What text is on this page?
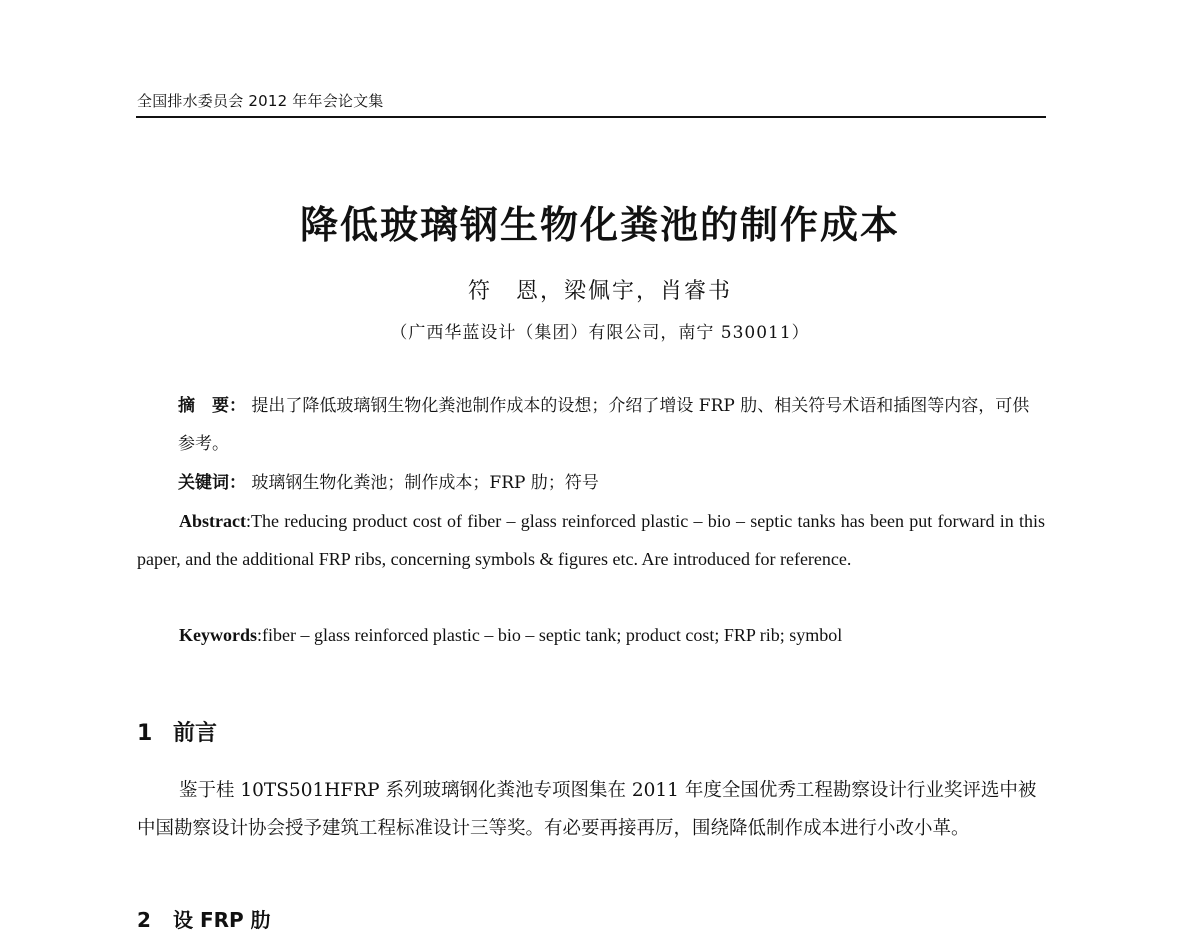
全国排水委员会 2012 年年会论文集
降低玻璃钢生物化粪池的制作成本
符　恩，梁佩宇，肖睿书
（广西华蓝设计（集团）有限公司，南宁 530011）
摘　要： 提出了降低玻璃钢生物化粪池制作成本的设想；介绍了增设 FRP 肋、相关符号术语和插图等内容，可供参考。
关键词： 玻璃钢生物化粪池；制作成本；FRP 肋；符号
Abstract:The reducing product cost of fiber – glass reinforced plastic – bio – septic tanks has been put forward in this paper, and the additional FRP ribs, concerning symbols & figures etc. Are introduced for reference.
Keywords:fiber – glass reinforced plastic – bio – septic tank; product cost; FRP rib; symbol
1 前言
鉴于桂 10TS501HFRP 系列玻璃钢化粪池专项图集在 2011 年度全国优秀工程勘察设计行业奖评选中被中国勘察设计协会授予建筑工程标准设计三等奖。有必要再接再厉，围绕降低制作成本进行小改小革。
2 设 FRP 肋
